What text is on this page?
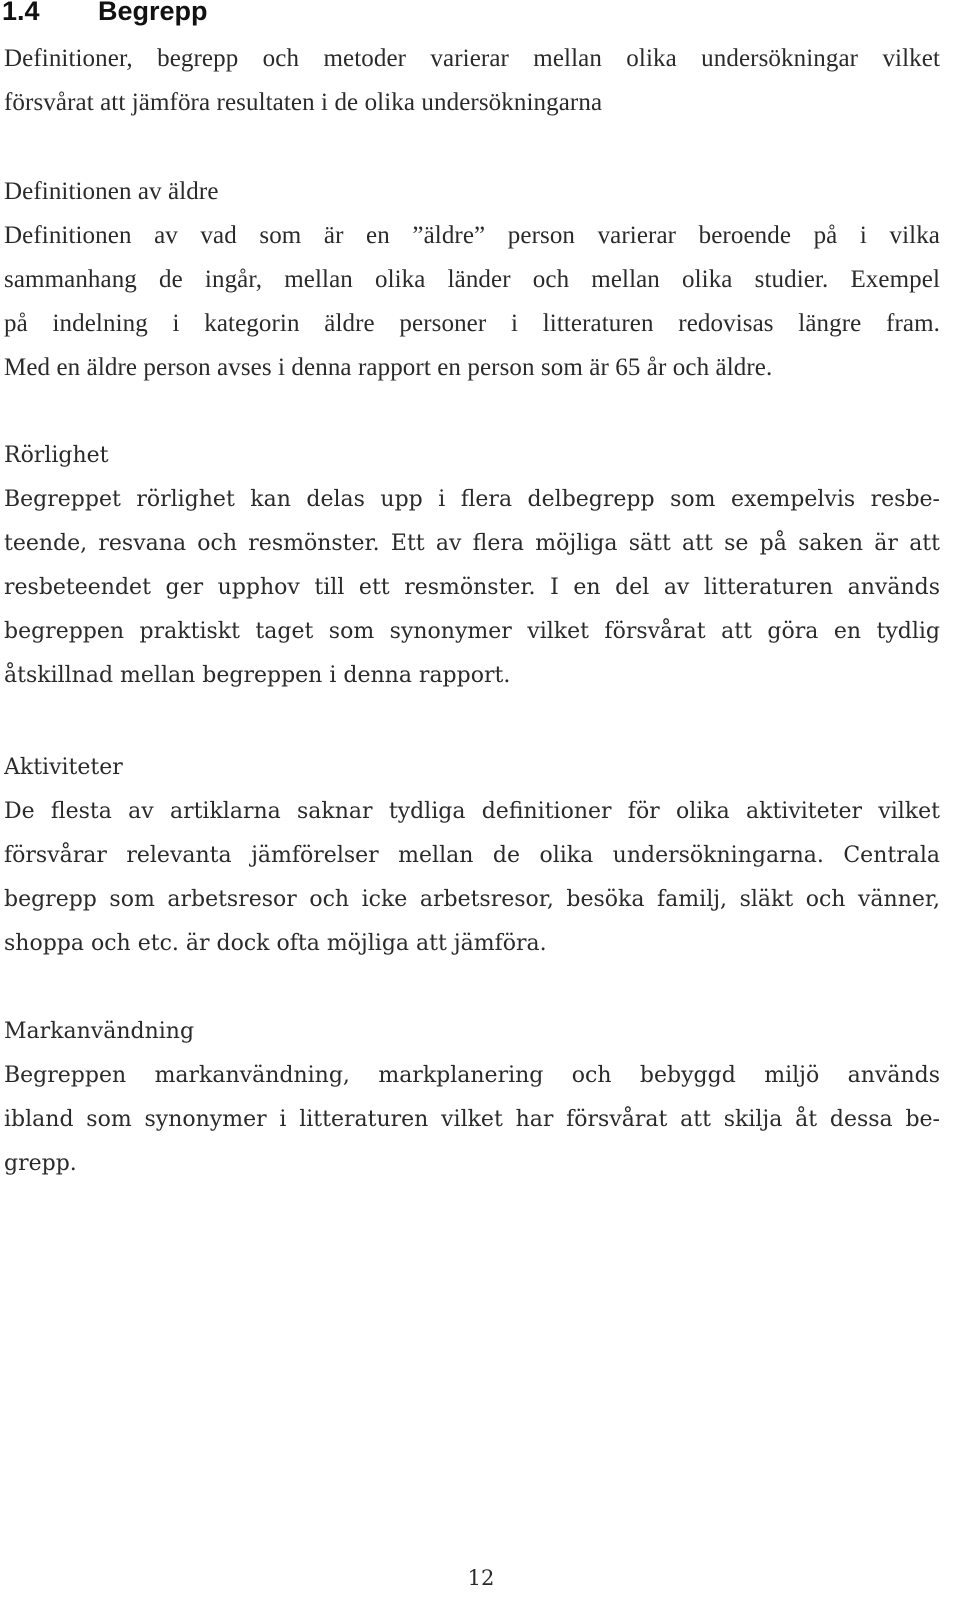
1.4 Begrepp
Definitioner, begrepp och metoder varierar mellan olika undersökningar vilket
försvårat att jämföra resultaten i de olika undersökningarna
Definitionen av äldre
Definitionen av vad som är en ”äldre” person varierar beroende på i vilka
sammanhang de ingår, mellan olika länder och mellan olika studier. Exempel
på indelning i kategorin äldre personer i litteraturen redovisas längre fram.
Med en äldre person avses i denna rapport en person som är 65 år och äldre.
Rörlighet
Begreppet rörlighet kan delas upp i flera delbegrepp som exempelvis resbe-
teende, resvana och resmönster. Ett av flera möjliga sätt att se på saken är att
resbeteendet ger upphov till ett resmönster. I en del av litteraturen används
begreppen praktiskt taget som synonymer vilket försvårat att göra en tydlig
åtskillnad mellan begreppen i denna rapport.
Aktiviteter
De flesta av artiklarna saknar tydliga definitioner för olika aktiviteter vilket
försvårar relevanta jämförelser mellan de olika undersökningarna. Centrala
begrepp som arbetsresor och icke arbetsresor, besöka familj, släkt och vänner,
shoppa och etc. är dock ofta möjliga att jämföra.
Markanvändning
Begreppen markanvändning, markplanering och bebyggd miljö används
ibland som synonymer i litteraturen vilket har försvårat att skilja åt dessa be-
grepp.
12
